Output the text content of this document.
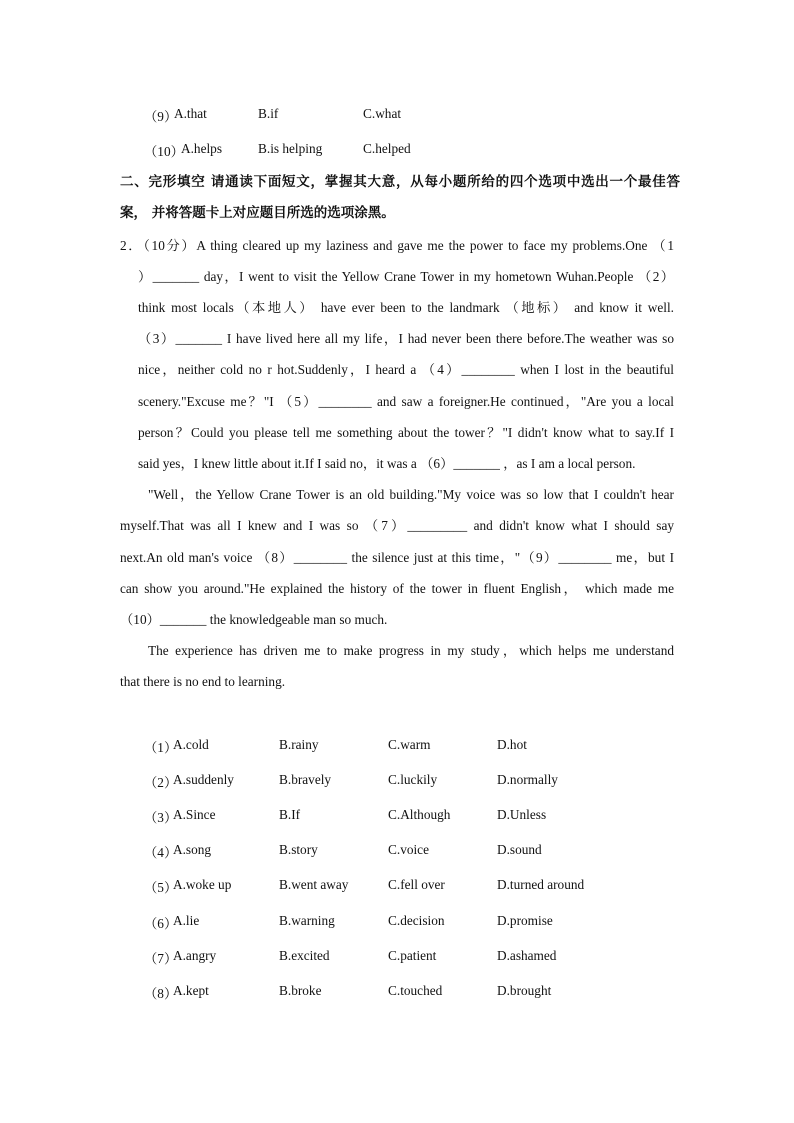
（9）
A.that	B.if	C.what
（10）
A.helps	B.is helping	C.helped
二、完形填空 请通读下面短文，掌握其大意，从每小题所给的四个选项中选出一个最佳答
案， 并将答题卡上对应题目所选的选项涂黑。
2．（10分）A thing cleared up my laziness and gave me the power to face my problems.One （1
）_______ day，I went to visit the Yellow Crane Tower in my hometown Wuhan.People （2）
think most locals（本地人） have ever been to the landmark （地标） and know it well.
（3）_______ I have lived here all my life，I had never been there before.The weather was so
nice，neither cold no r hot.Suddenly，I heard a （4）________ when I lost in the beautiful
scenery."Excuse me？"I （5）________ and saw a foreigner.He continued，"Are you a local
person？Could you please tell me something about the tower？"I didn't know what to say.If I
said yes，I knew little about it.If I said no，it was a （6）_______ ，as I am a local person.
"Well，the Yellow Crane Tower is an old building."My voice was so low that I couldn't hear
myself.That was all I knew and I was so （7）_________ and didn't know what I should say
next.An old man's voice （8）________ the silence just at this time，"（9）________ me，but I
can show you around."He explained the history of the tower in fluent English， which made me
（10）_______ the knowledgeable man so much.
The experience has driven me to make progress in my study，which helps me understand
that there is no end to learning.
（1）
A.cold	B.rainy	C.warm	D.hot
（2）
A.suddenly	B.bravely	C.luckily	D.normally
（3）
A.Since	B.If	C.Although	D.Unless
（4）
A.song	B.story	C.voice	D.sound
（5）
A.woke up	B.went away	C.fell over	D.turned around
（6）
A.lie	B.warning	C.decision	D.promise
（7）
A.angry	B.excited	C.patient	D.ashamed
（8）
A.kept	B.broke	C.touched	D.brought
